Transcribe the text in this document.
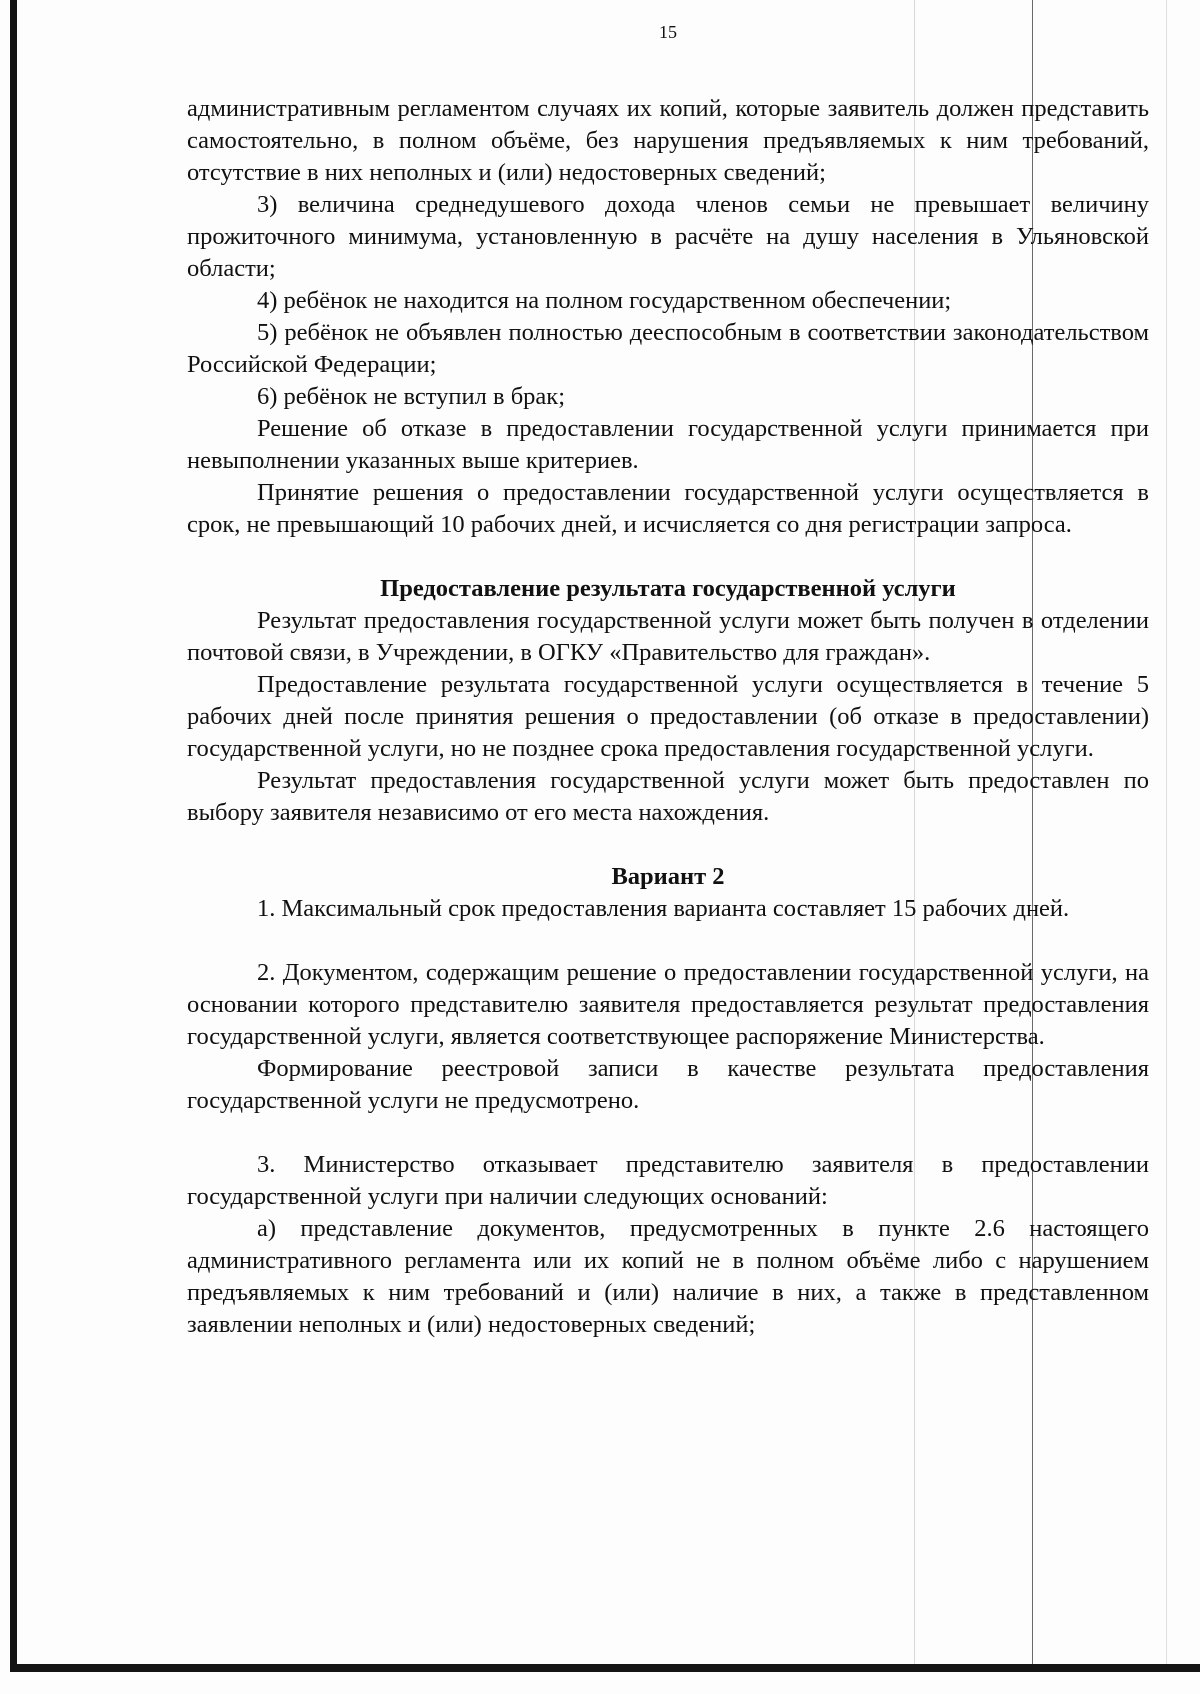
15

административным регламентом случаях их копий, которые заявитель должен представить самостоятельно, в полном объёме, без нарушения предъявляемых к ним требований, отсутствие в них неполных и (или) недостоверных сведений;

3) величина среднедушевого дохода членов семьи не превышает величину прожиточного минимума, установленную в расчёте на душу населения в Ульяновской области;

4) ребёнок не находится на полном государственном обеспечении;

5) ребёнок не объявлен полностью дееспособным в соответствии законодательством Российской Федерации;

6) ребёнок не вступил в брак;

Решение об отказе в предоставлении государственной услуги принимается при невыполнении указанных выше критериев.

Принятие решения о предоставлении государственной услуги осуществляется в срок, не превышающий 10 рабочих дней, и исчисляется со дня регистрации запроса.

Предоставление результата государственной услуги

Результат предоставления государственной услуги может быть получен в отделении почтовой связи, в Учреждении, в ОГКУ «Правительство для граждан».

Предоставление результата государственной услуги осуществляется в течение 5 рабочих дней после принятия решения о предоставлении (об отказе в предоставлении) государственной услуги, но не позднее срока предоставления государственной услуги.

Результат предоставления государственной услуги может быть предоставлен по выбору заявителя независимо от его места нахождения.

Вариант 2

1. Максимальный срок предоставления варианта составляет 15 рабочих дней.

2. Документом, содержащим решение о предоставлении государственной услуги, на основании которого представителю заявителя предоставляется результат предоставления государственной услуги, является соответствующее распоряжение Министерства.

Формирование реестровой записи в качестве результата предоставления государственной услуги не предусмотрено.

3. Министерство отказывает представителю заявителя в предоставлении государственной услуги при наличии следующих оснований:

а) представление документов, предусмотренных в пункте 2.6 настоящего административного регламента или их копий не в полном объёме либо с нарушением предъявляемых к ним требований и (или) наличие в них, а также в представленном заявлении неполных и (или) недостоверных сведений;
